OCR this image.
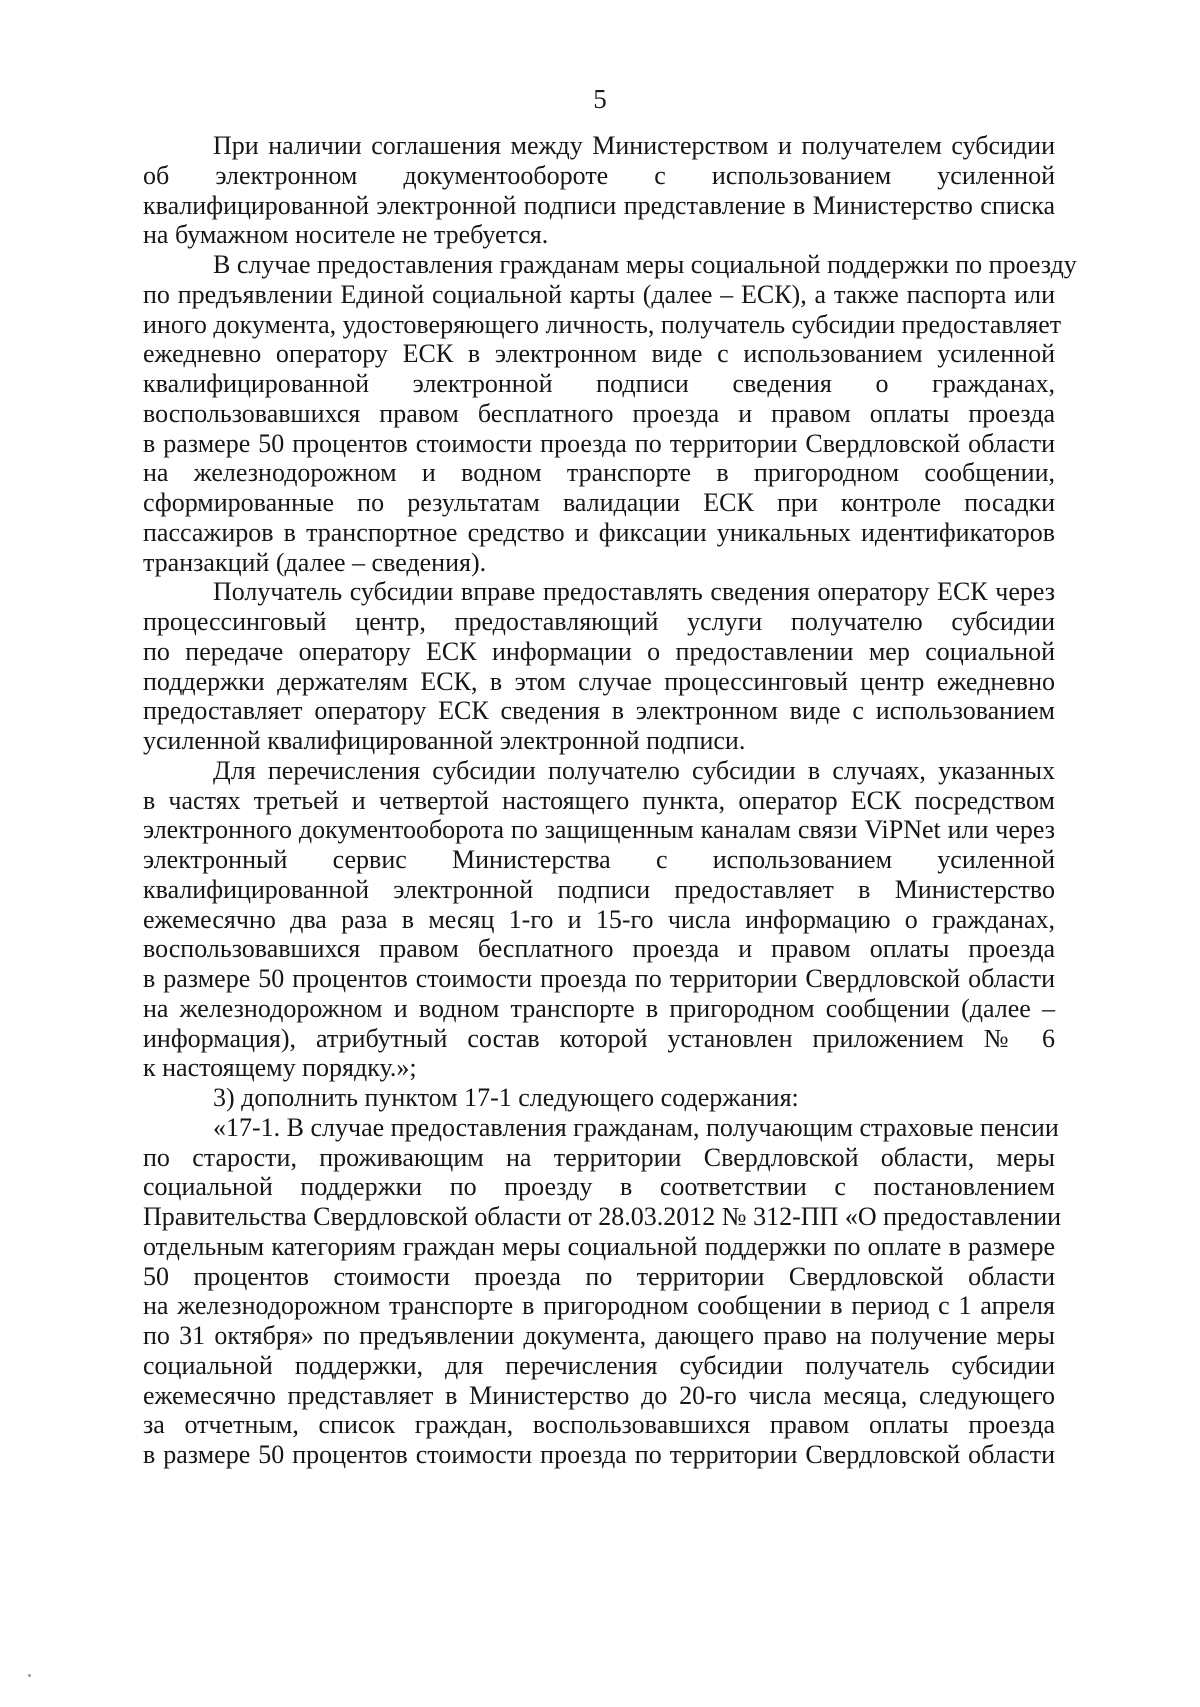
5
При наличии соглашения между Министерством и получателем субсидии
об электронном документообороте с использованием усиленной
квалифицированной электронной подписи представление в Министерство списка
на бумажном носителе не требуется.
В случае предоставления гражданам меры социальной поддержки по проезду
по предъявлении Единой социальной карты (далее – ЕСК), а также паспорта или
иного документа, удостоверяющего личность, получатель субсидии предоставляет
ежедневно оператору ЕСК в электронном виде с использованием усиленной
квалифицированной электронной подписи сведения о гражданах,
воспользовавшихся правом бесплатного проезда и правом оплаты проезда
в размере 50 процентов стоимости проезда по территории Свердловской области
на железнодорожном и водном транспорте в пригородном сообщении,
сформированные по результатам валидации ЕСК при контроле посадки
пассажиров в транспортное средство и фиксации уникальных идентификаторов
транзакций (далее – сведения).
Получатель субсидии вправе предоставлять сведения оператору ЕСК через
процессинговый центр, предоставляющий услуги получателю субсидии
по передаче оператору ЕСК информации о предоставлении мер социальной
поддержки держателям ЕСК, в этом случае процессинговый центр ежедневно
предоставляет оператору ЕСК сведения в электронном виде с использованием
усиленной квалифицированной электронной подписи.
Для перечисления субсидии получателю субсидии в случаях, указанных
в частях третьей и четвертой настоящего пункта, оператор ЕСК посредством
электронного документооборота по защищенным каналам связи ViPNet или через
электронный сервис Министерства с использованием усиленной
квалифицированной электронной подписи предоставляет в Министерство
ежемесячно два раза в месяц 1-го и 15-го числа информацию о гражданах,
воспользовавшихся правом бесплатного проезда и правом оплаты проезда
в размере 50 процентов стоимости проезда по территории Свердловской области
на железнодорожном и водном транспорте в пригородном сообщении (далее –
информация), атрибутный состав которой установлен приложением № 6
к настоящему порядку.»;
3) дополнить пунктом 17-1 следующего содержания:
«17-1. В случае предоставления гражданам, получающим страховые пенсии
по старости, проживающим на территории Свердловской области, меры
социальной поддержки по проезду в соответствии с постановлением
Правительства Свердловской области от 28.03.2012 № 312-ПП «О предоставлении
отдельным категориям граждан меры социальной поддержки по оплате в размере
50 процентов стоимости проезда по территории Свердловской области
на железнодорожном транспорте в пригородном сообщении в период с 1 апреля
по 31 октября» по предъявлении документа, дающего право на получение меры
социальной поддержки, для перечисления субсидии получатель субсидии
ежемесячно представляет в Министерство до 20-го числа месяца, следующего
за отчетным, список граждан, воспользовавшихся правом оплаты проезда
в размере 50 процентов стоимости проезда по территории Свердловской области
